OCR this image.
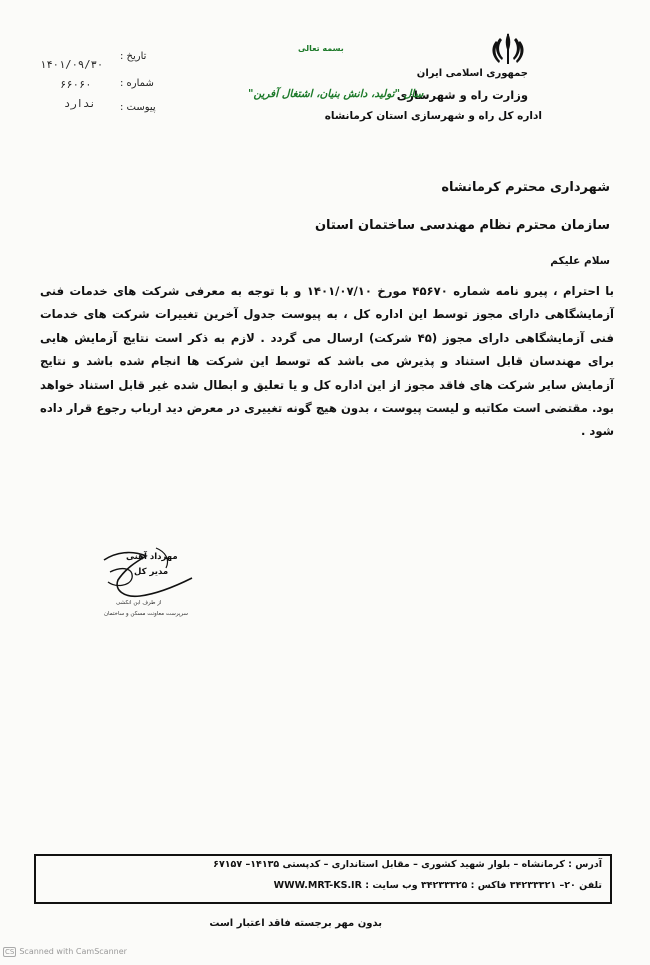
جمهوری اسلامی ایران
وزارت راه و شهرسازی
اداره کل راه و شهرسازی استان کرمانشاه
بسمه تعالی
سال "تولید، دانش بنیان، اشتغال آفرین"
تاریخ :
۱۴۰۱/۰۹/۳۰
شماره :
۶۶۰۶۰
پیوست :
ندارد
شهرداری محترم کرمانشاه
سازمان محترم نظام مهندسی ساختمان استان
سلام علیکم

با احترام ، پیرو نامه شماره ۴۵۶۷۰ مورخ ۱۴۰۱/۰۷/۱۰ و با توجه به معرفی شرکت های خدمات فنی آزمایشگاهی دارای مجوز توسط این اداره کل ، به پیوست جدول آخرین تغییرات شرکت های خدمات فنی آزمایشگاهی دارای مجوز (۴۵ شرکت) ارسال می گردد . لازم به ذکر است نتایج آزمایش هایی برای مهندسان قابل استناد و پذیرش می باشد که توسط این شرکت ها انجام شده باشد و نتایج آزمایش سایر شرکت های فاقد مجوز از این اداره کل و یا تعلیق و ابطال شده غیر قابل استناد خواهد بود. مقتضی است مکاتبه و لیست پیوست ، بدون هیچ گونه تغییری در معرض دید ارباب رجوع قرار داده شود .

مهرداد آهنی
مدیر کل
از طرف ابن انکشی
سرپرست معاونت مسکن و ساختمان
آدرس : کرمانشاه – بلوار شهید کشوری – مقابل استانداری – کدپستی ۱۴۱۳۵– ۶۷۱۵۷
تلفن ۲۰– ۳۴۲۳۳۳۲۱ فاکس : ۳۴۲۳۳۳۲۵ وب سایت : WWW.MRT-KS.IR
بدون مهر برجسته فاقد اعتبار است
CS Scanned with CamScanner
